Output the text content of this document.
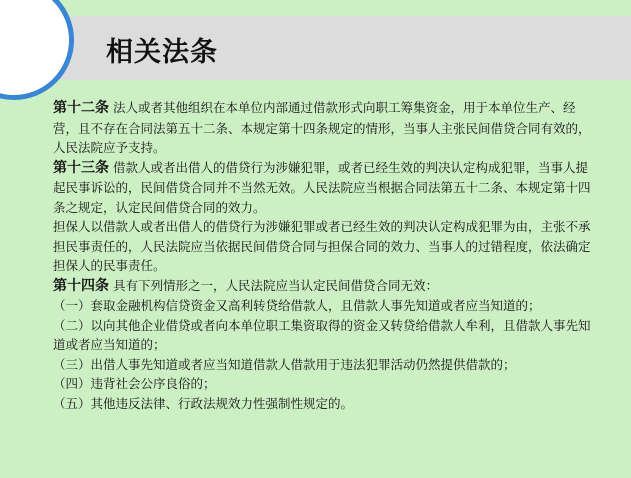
相关法条

第十二条 法人或者其他组织在本单位内部通过借款形式向职工筹集资金，用于本单位生产、经营，且不存在合同法第五十二条、本规定第十四条规定的情形，当事人主张民间借贷合同有效的，人民法院应予支持。

第十三条 借款人或者出借人的借贷行为涉嫌犯罪，或者已经生效的判决认定构成犯罪，当事人提起民事诉讼的，民间借贷合同并不当然无效。人民法院应当根据合同法第五十二条、本规定第十四条之规定，认定民间借贷合同的效力。

担保人以借款人或者出借人的借贷行为涉嫌犯罪或者已经生效的判决认定构成犯罪为由，主张不承担民事责任的，人民法院应当依据民间借贷合同与担保合同的效力、当事人的过错程度，依法确定担保人的民事责任。

第十四条 具有下列情形之一，人民法院应当认定民间借贷合同无效：

（一）套取金融机构信贷资金又高利转贷给借款人，且借款人事先知道或者应当知道的；

（二）以向其他企业借贷或者向本单位职工集资取得的资金又转贷给借款人牟利，且借款人事先知道或者应当知道的；

（三）出借人事先知道或者应当知道借款人借款用于违法犯罪活动仍然提供借款的；

（四）违背社会公序良俗的；

（五）其他违反法律、行政法规效力性强制性规定的。
